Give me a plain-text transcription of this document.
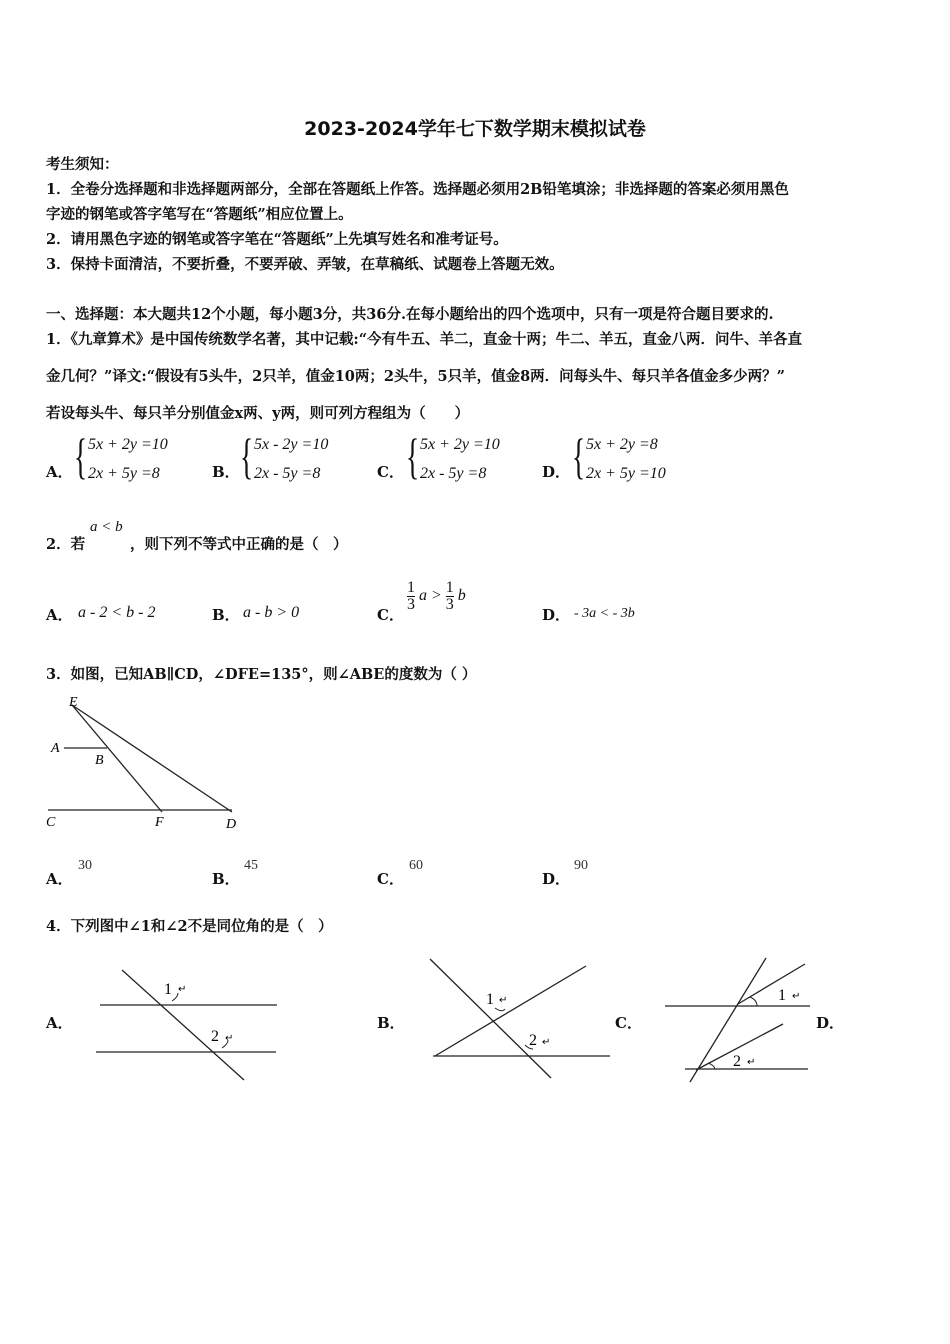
2023-2024学年七下数学期末模拟试卷
考生须知：
1．全卷分选择题和非选择题两部分，全部在答题纸上作答。选择题必须用2B铅笔填涂；非选择题的答案必须用黑色
字迹的钢笔或答字笔写在“答题纸”相应位置上。
2．请用黑色字迹的钢笔或答字笔在“答题纸”上先填写姓名和准考证号。
3．保持卡面清洁，不要折叠，不要弄破、弄皱，在草稿纸、试题卷上答题无效。
一、选择题：本大题共12个小题，每小题3分，共36分.在每小题给出的四个选项中，只有一项是符合题目要求的.
1．《九章算术》是中国传统数学名著，其中记载:“今有牛五、羊二，直金十两；牛二、羊五，直金八两．问牛、羊各直
金几何？”译文:“假设有5头牛，2只羊，值金10两；2头牛，5只羊，值金8两．问每头牛、每只羊各值金多少两？”
若设每头牛、每只羊分别值金x两、y两，则可列方程组为（　　）
A． { 5x + 2y =10
2x + 5y =8	B． { 5x - 2y =10
2x - 5y =8	C． { 5x + 2y =10
2x - 5y =8	D． { 5x + 2y =8
2x + 5y =10
2．若
a < b
，则下列不等式中正确的是（　）
A． a - 2 < b - 2	B． a - b > 0	C．
$\frac{1}{3}$ $a > \frac{1}{3}$ b
D． - 3a < - 3b
3．如图，已知AB∥CD，∠DFE=135°，则∠ABE的度数为（ ）
E
A
B
C	F	D
A．
30
B．
45
C．
60
D．
90
4．下列图中∠1和∠2不是同位角的是（　）
A．
1 ↵
2 ↵
B．
1 ↵
2 ↵
C．
1 ↵
2 ↵
D．
